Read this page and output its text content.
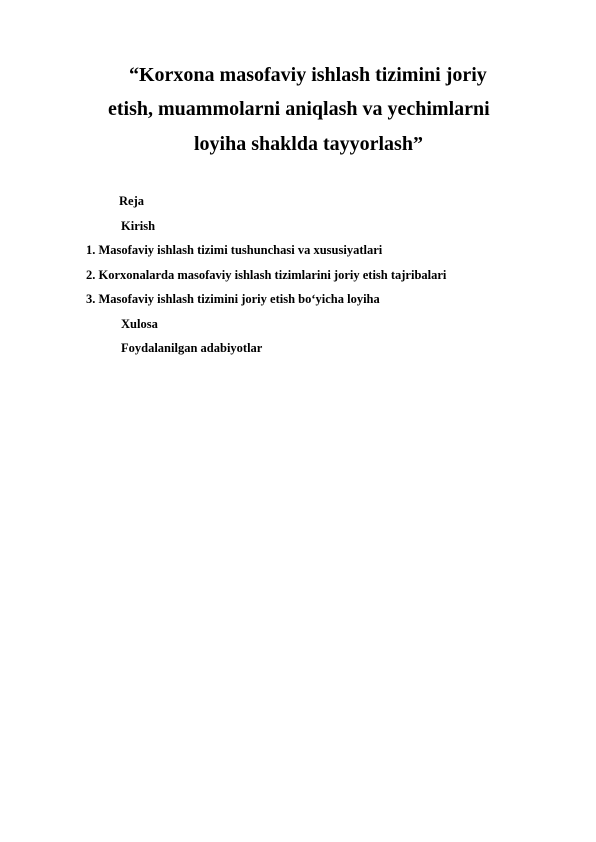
“Korxona masofaviy ishlash tizimini joriy
etish, muammolarni aniqlash va yechimlarni
loyiha shaklda tayyorlash”
Reja
Kirish
1. Masofaviy ishlash tizimi tushunchasi va xususiyatlari
2. Korxonalarda masofaviy ishlash tizimlarini joriy etish tajribalari
3. Masofaviy ishlash tizimini joriy etish bo‘yicha loyiha
Xulosa
Foydalanilgan adabiyotlar
